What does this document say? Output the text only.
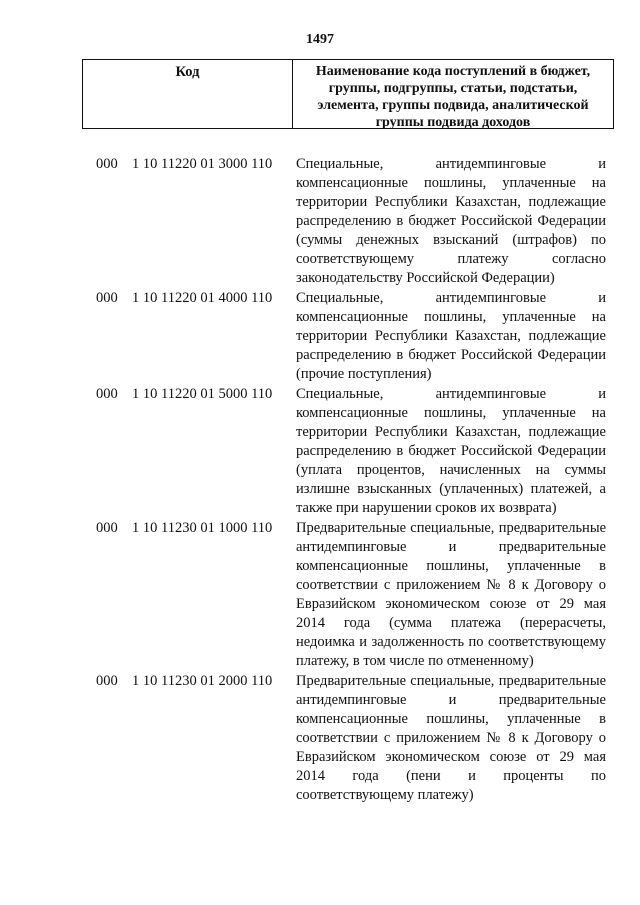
1497
Код	Наименование кода поступлений в бюджет, группы, подгруппы, статьи, подстатьи, элемента, группы подвида, аналитической группы подвида доходов
000 1 10 11220 01 3000 110	Специальные, антидемпинговые и компенсационные пошлины, уплаченные на территории Республики Казахстан, подлежащие распределению в бюджет Российской Федерации (суммы денежных взысканий (штрафов) по соответствующему платежу согласно законодательству Российской Федерации)
000 1 10 11220 01 4000 110	Специальные, антидемпинговые и компенсационные пошлины, уплаченные на территории Республики Казахстан, подлежащие распределению в бюджет Российской Федерации (прочие поступления)
000 1 10 11220 01 5000 110	Специальные, антидемпинговые и компенсационные пошлины, уплаченные на территории Республики Казахстан, подлежащие распределению в бюджет Российской Федерации (уплата процентов, начисленных на суммы излишне взысканных (уплаченных) платежей, а также при нарушении сроков их возврата)
000 1 10 11230 01 1000 110	Предварительные специальные, предварительные антидемпинговые и предварительные компенсационные пошлины, уплаченные в соответствии с приложением № 8 к Договору о Евразийском экономическом союзе от 29 мая 2014 года (сумма платежа (перерасчеты, недоимка и задолженность по соответствующему платежу, в том числе по отмененному)
000 1 10 11230 01 2000 110	Предварительные специальные, предварительные антидемпинговые и предварительные компенсационные пошлины, уплаченные в соответствии с приложением № 8 к Договору о Евразийском экономическом союзе от 29 мая 2014 года (пени и проценты по соответствующему платежу)
